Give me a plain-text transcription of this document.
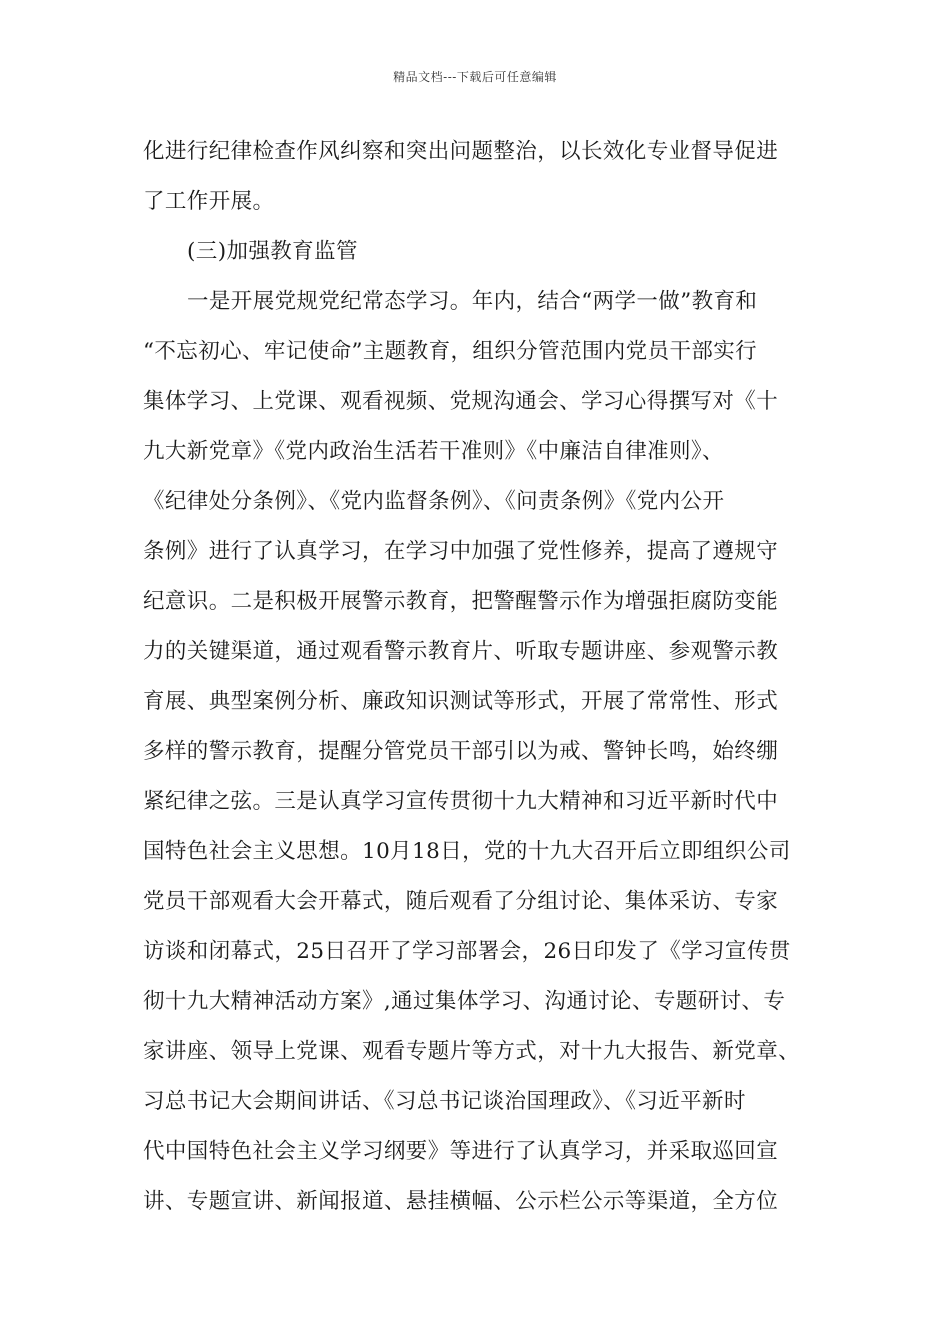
精品文档---下载后可任意编辑
化进行纪律检查作风纠察和突出问题整治，以长效化专业督导促进
了工作开展。
(三)加强教育监管
一是开展党规党纪常态学习。年内，结合“两学一做”教育和
“不忘初心、牢记使命”主题教育，组织分管范围内党员干部实行
集体学习、上党课、观看视频、党规沟通会、学习心得撰写对《十
九大新党章》《党内政治生活若干准则》《中廉洁自律准则》、
《纪律处分条例》、《党内监督条例》、《问责条例》《党内公开
条例》进行了认真学习，在学习中加强了党性修养，提高了遵规守
纪意识。二是积极开展警示教育，把警醒警示作为增强拒腐防变能
力的关键渠道，通过观看警示教育片、听取专题讲座、参观警示教
育展、典型案例分析、廉政知识测试等形式，开展了常常性、形式
多样的警示教育，提醒分管党员干部引以为戒、警钟长鸣，始终绷
紧纪律之弦。三是认真学习宣传贯彻十九大精神和习近平新时代中
国特色社会主义思想。10月18日，党的十九大召开后立即组织公司
党员干部观看大会开幕式，随后观看了分组讨论、集体采访、专家
访谈和闭幕式，25日召开了学习部署会，26日印发了《学习宣传贯
彻十九大精神活动方案》,通过集体学习、沟通讨论、专题研讨、专
家讲座、领导上党课、观看专题片等方式，对十九大报告、新党章、
习总书记大会期间讲话、《习总书记谈治国理政》、《习近平新时
代中国特色社会主义学习纲要》等进行了认真学习，并采取巡回宣
讲、专题宣讲、新闻报道、悬挂横幅、公示栏公示等渠道，全方位
